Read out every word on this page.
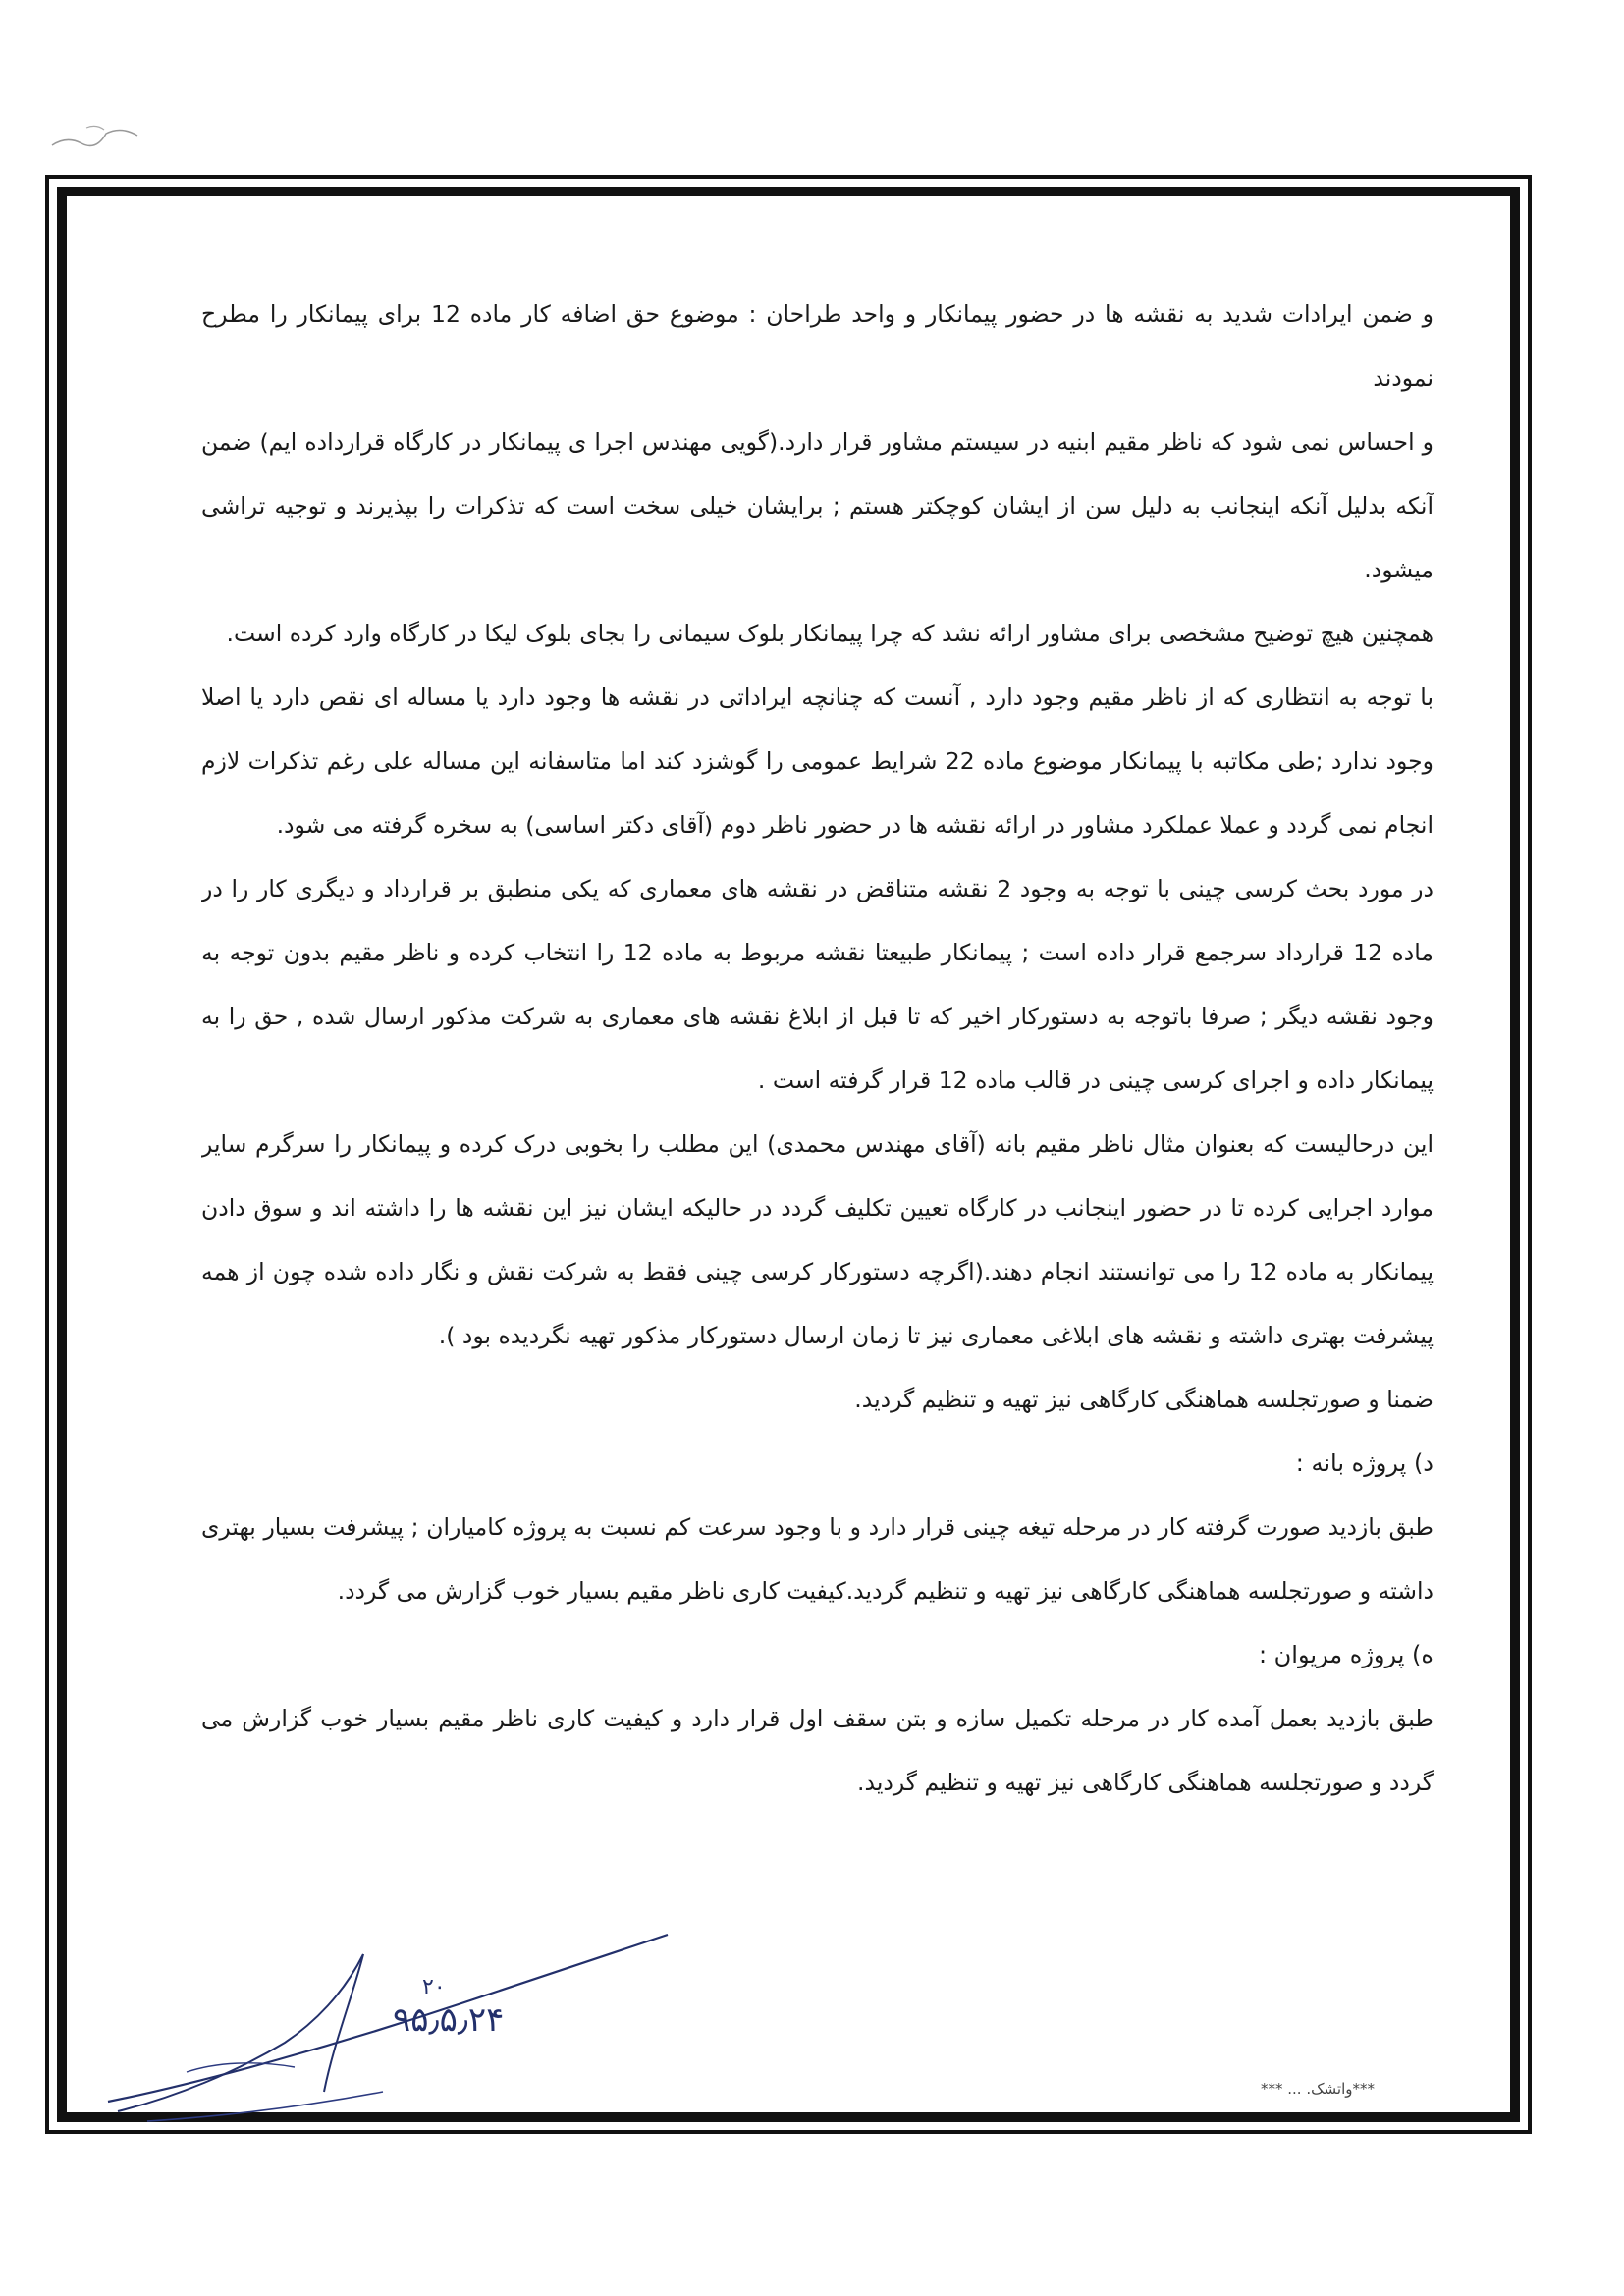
و ضمن ایرادات شدید به نقشه ها در حضور پیمانکار و واحد طراحان : موضوع حق اضافه کار ماده 12 برای پیمانکار را مطرح نمودند

و احساس نمی شود که ناظر مقیم ابنیه در سیستم مشاور قرار دارد.(گویی مهندس اجرا ی پیمانکار در کارگاه قرارداده ایم) ضمن آنکه بدلیل آنکه اینجانب به دلیل سن از ایشان کوچکتر هستم ; برایشان خیلی سخت است که تذکرات را بپذیرند و توجیه تراشی میشود.

همچنین هیچ توضیح مشخصی برای مشاور ارائه نشد که چرا پیمانکار بلوک سیمانی را بجای بلوک لیکا در کارگاه وارد کرده است.

با توجه به انتظاری که از ناظر مقیم وجود دارد , آنست که چنانچه ایراداتی در نقشه ها وجود دارد یا مساله ای نقص دارد یا اصلا وجود ندارد ;طی مکاتبه با پیمانکار موضوع ماده 22 شرایط عمومی را گوشزد کند اما متاسفانه این مساله علی رغم تذکرات لازم انجام نمی گردد و عملا عملکرد مشاور در ارائه نقشه ها در حضور ناظر دوم (آقای دکتر اساسی) به سخره گرفته می شود.

در مورد بحث کرسی چینی با توجه به وجود 2 نقشه متناقض در نقشه های معماری که یکی منطبق بر قرارداد و دیگری کار را در ماده 12 قرارداد سرجمع قرار داده است ; پیمانکار طبیعتا نقشه مربوط به ماده 12 را انتخاب کرده و ناظر مقیم بدون توجه به وجود نقشه دیگر ; صرفا باتوجه به دستورکار اخیر که تا قبل از ابلاغ نقشه های معماری به شرکت مذکور ارسال شده , حق را به پیمانکار داده و اجرای کرسی چینی در قالب ماده 12 قرار گرفته است .

این درحالیست که بعنوان مثال ناظر مقیم بانه (آقای مهندس محمدی) این مطلب را بخوبی درک کرده و پیمانکار را سرگرم سایر موارد اجرایی کرده تا در حضور اینجانب در کارگاه تعیین تکلیف گردد در حالیکه ایشان نیز این نقشه ها را داشته اند و سوق دادن پیمانکار به ماده 12 را می توانستند انجام دهند.(اگرچه دستورکار کرسی چینی فقط به شرکت نقش و نگار داده شده چون از همه پیشرفت بهتری داشته و نقشه های ابلاغی معماری نیز تا زمان ارسال دستورکار مذکور تهیه نگردیده بود ).

ضمنا و صورتجلسه هماهنگی کارگاهی نیز تهیه و تنظیم گردید.

د) پروژه بانه :

طبق بازدید صورت گرفته کار در مرحله تیغه چینی قرار دارد و با وجود سرعت کم نسبت به پروژه کامیاران ; پیشرفت بسیار بهتری داشته و صورتجلسه هماهنگی کارگاهی نیز تهیه و تنظیم گردید.کیفیت کاری ناظر مقیم بسیار خوب گزارش می گردد.

ه) پروژه مریوان :

طبق بازدید بعمل آمده کار در مرحله تکمیل سازه و بتن سقف اول قرار دارد و کیفیت کاری ناظر مقیم بسیار خوب گزارش می گردد و صورتجلسه هماهنگی کارگاهی نیز تهیه و تنظیم گردید.

***واتشک. ... ***
۹۵٫۵٫۲۴
۲۰
